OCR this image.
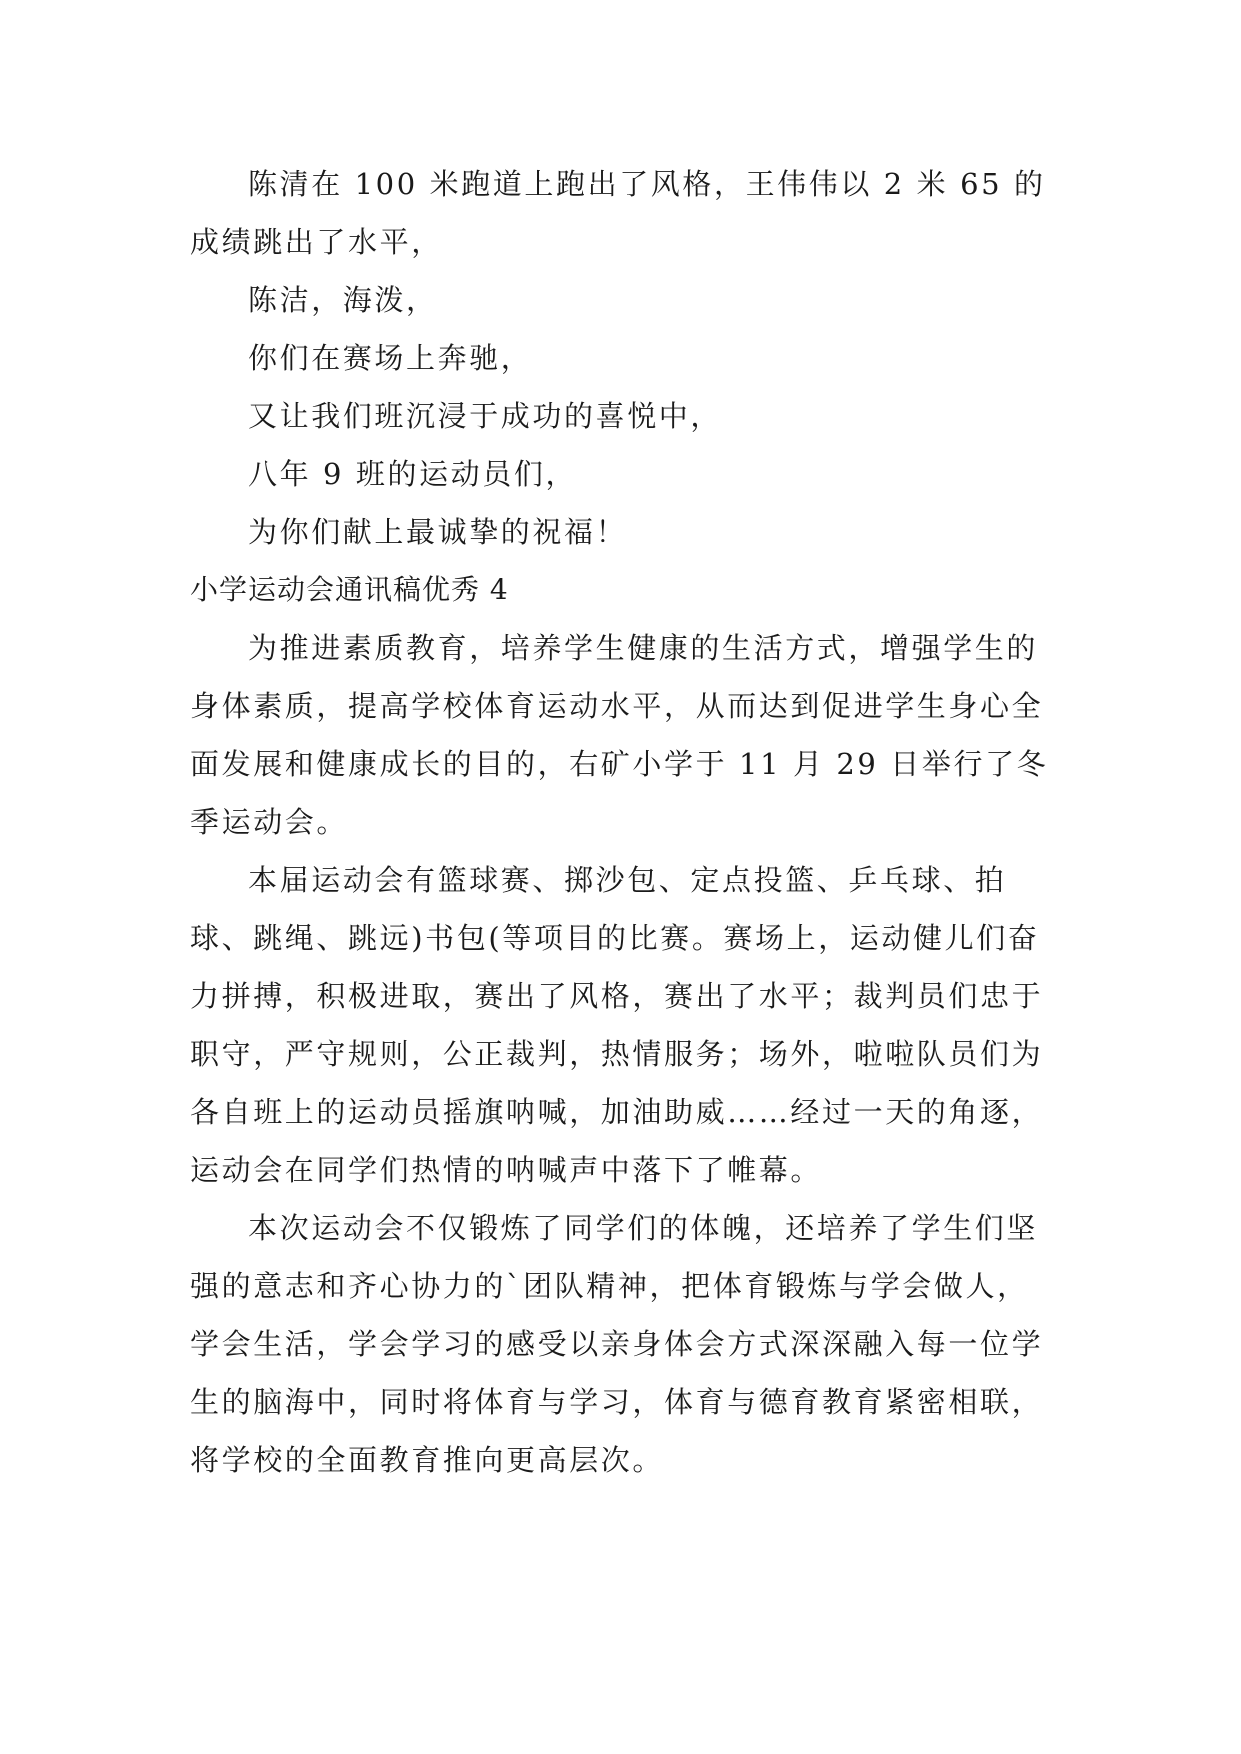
陈清在 100 米跑道上跑出了风格，王伟伟以 2 米 65 的成绩跳出了水平，

陈洁，海泼，

你们在赛场上奔驰，

又让我们班沉浸于成功的喜悦中，

八年 9 班的运动员们，

为你们献上最诚挚的祝福！

小学运动会通讯稿优秀 4

为推进素质教育，培养学生健康的生活方式，增强学生的身体素质，提高学校体育运动水平，从而达到促进学生身心全面发展和健康成长的目的，右矿小学于 11 月 29 日举行了冬季运动会。

本届运动会有篮球赛、掷沙包、定点投篮、乒乓球、拍球、跳绳、跳远)书包(等项目的比赛。赛场上，运动健儿们奋力拼搏，积极进取，赛出了风格，赛出了水平；裁判员们忠于职守，严守规则，公正裁判，热情服务；场外，啦啦队员们为各自班上的运动员摇旗呐喊，加油助威……经过一天的角逐，运动会在同学们热情的呐喊声中落下了帷幕。

本次运动会不仅锻炼了同学们的体魄，还培养了学生们坚强的意志和齐心协力的`团队精神，把体育锻炼与学会做人，学会生活，学会学习的感受以亲身体会方式深深融入每一位学生的脑海中，同时将体育与学习，体育与德育教育紧密相联，将学校的全面教育推向更高层次。
